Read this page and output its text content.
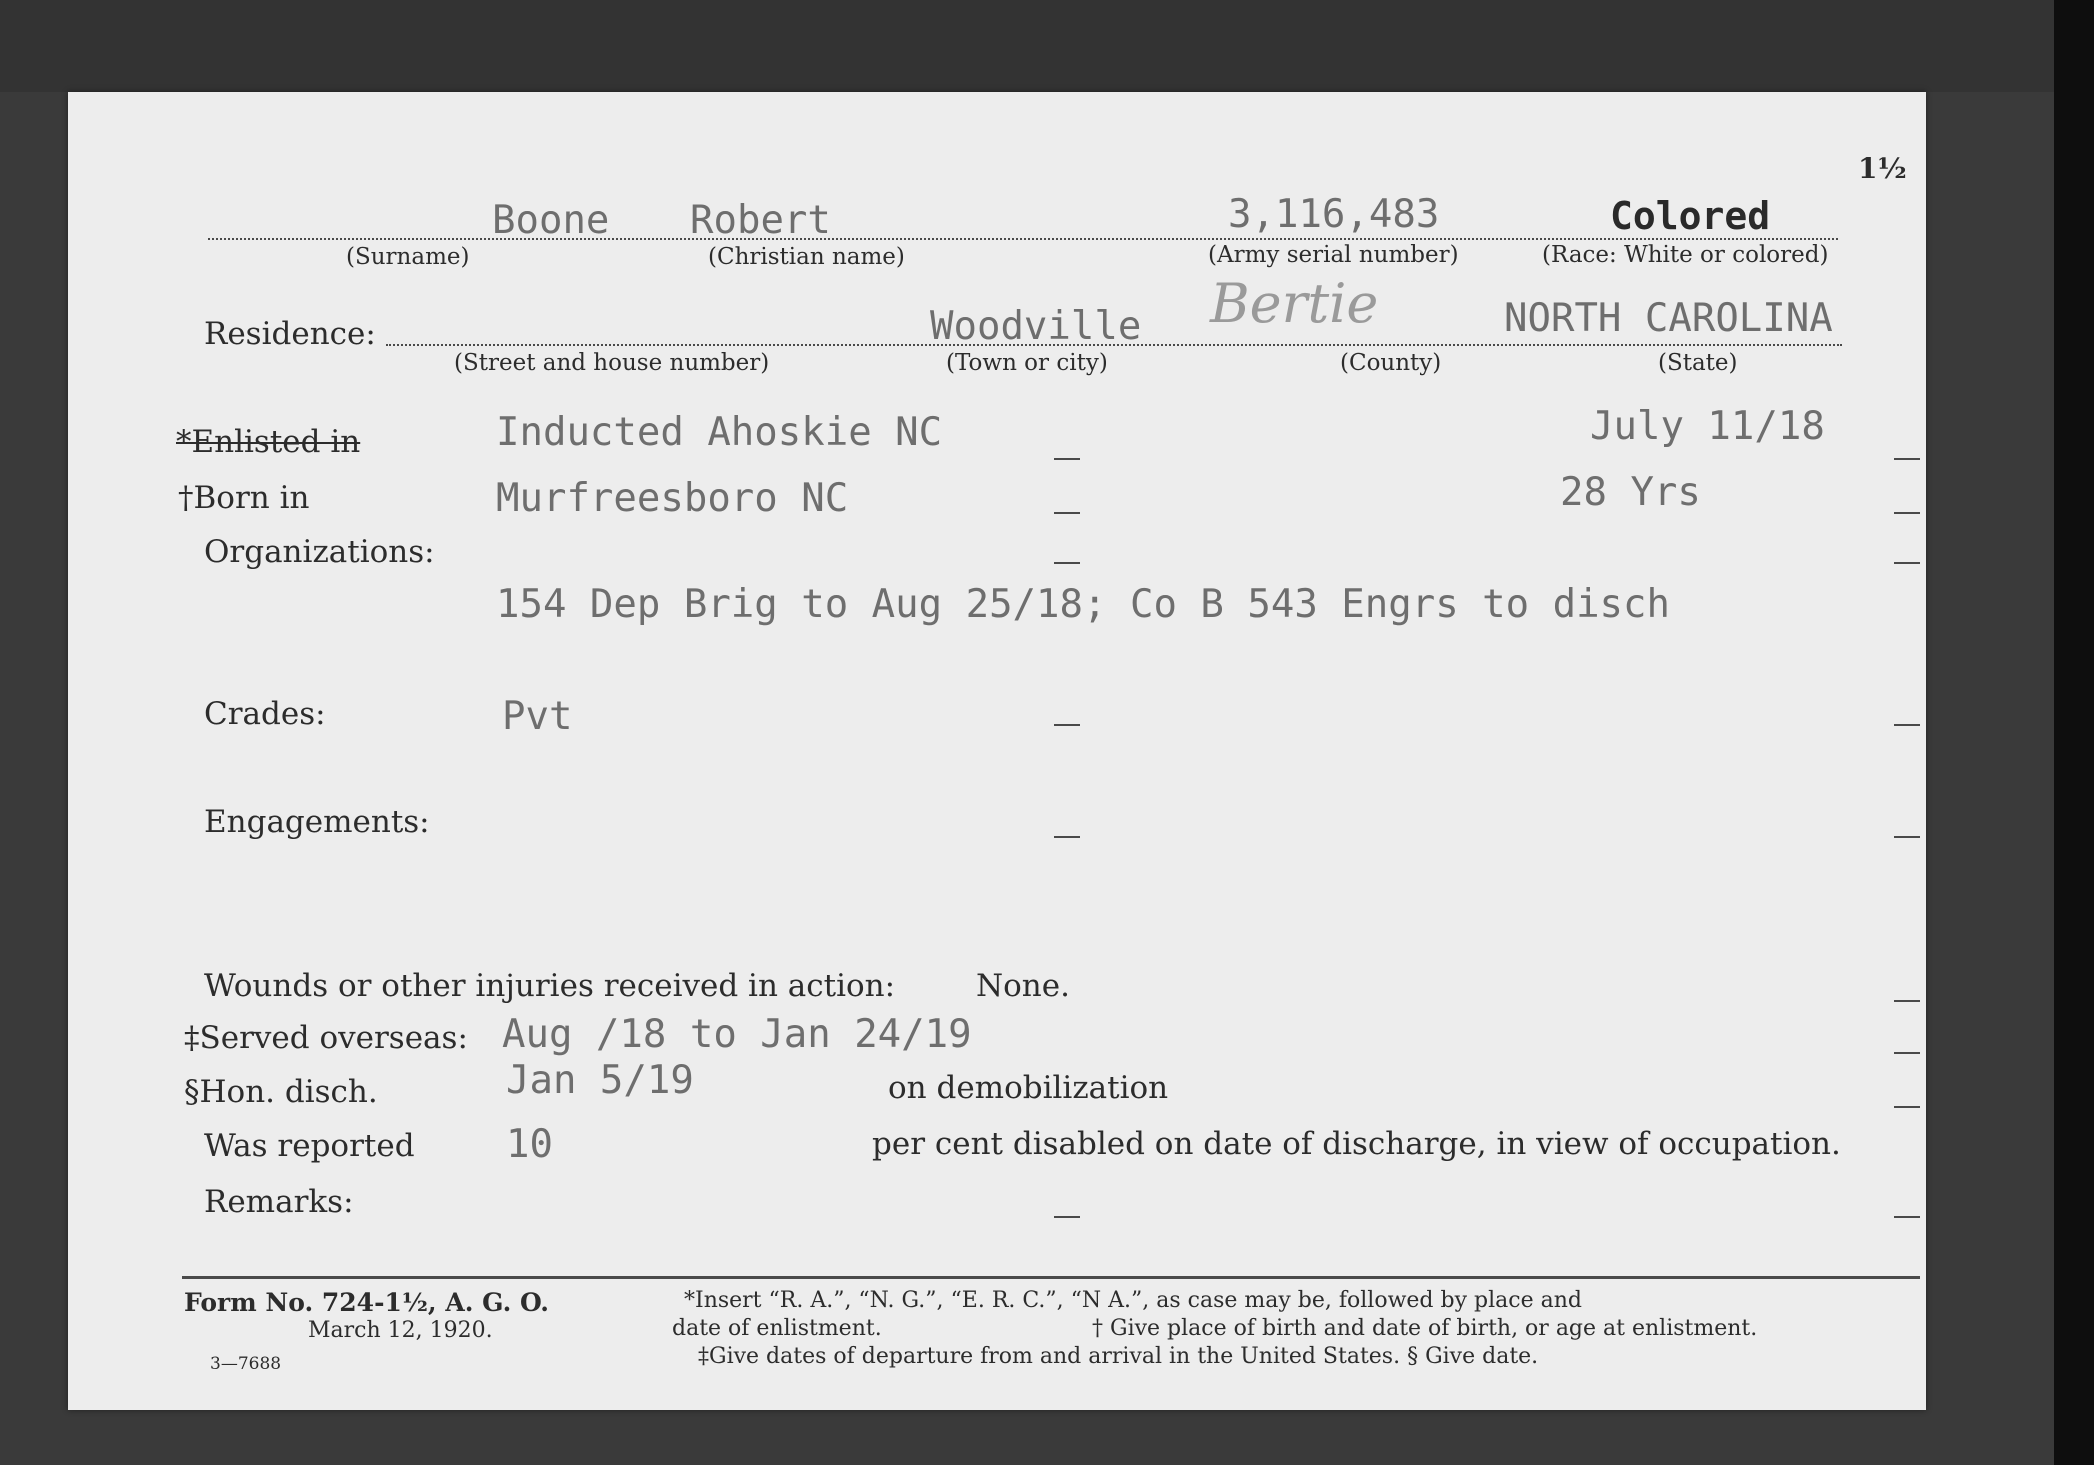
1½
Boone Robert	3,116,483	Colored
(Surname)	(Christian name)	(Army serial number)	(Race: White or colored)
Residence:	Woodville Bertie	NORTH CAROLINA
(Street and house number)	(Town or city)	(County)	(State)
*Enlisted in	Inducted Ahoskie NC	July 11/18
†Born in	Murfreesboro NC	28 Yrs
Organizations:
154 Dep Brig to Aug 25/18; Co B 543 Engrs to disch
Crades:	Pvt
Engagements:
Wounds or other injuries received in action:	None.
‡Served overseas: Aug /18 to Jan 24/19
§Hon. disch.	Jan 5/19	on demobilization
Was reported 10	per cent disabled on date of discharge, in view of occupation.
Remarks:
Form No. 724-1½, A. G. O.
March 12, 1920.
3—7688
*Insert “R. A.”, “N. G.”, “E. R. C.”, “N A.”, as case may be, followed by place and
date of enlistment.	† Give place of birth and date of birth, or age at enlistment.
‡Give dates of departure from and arrival in the United States. § Give date.
